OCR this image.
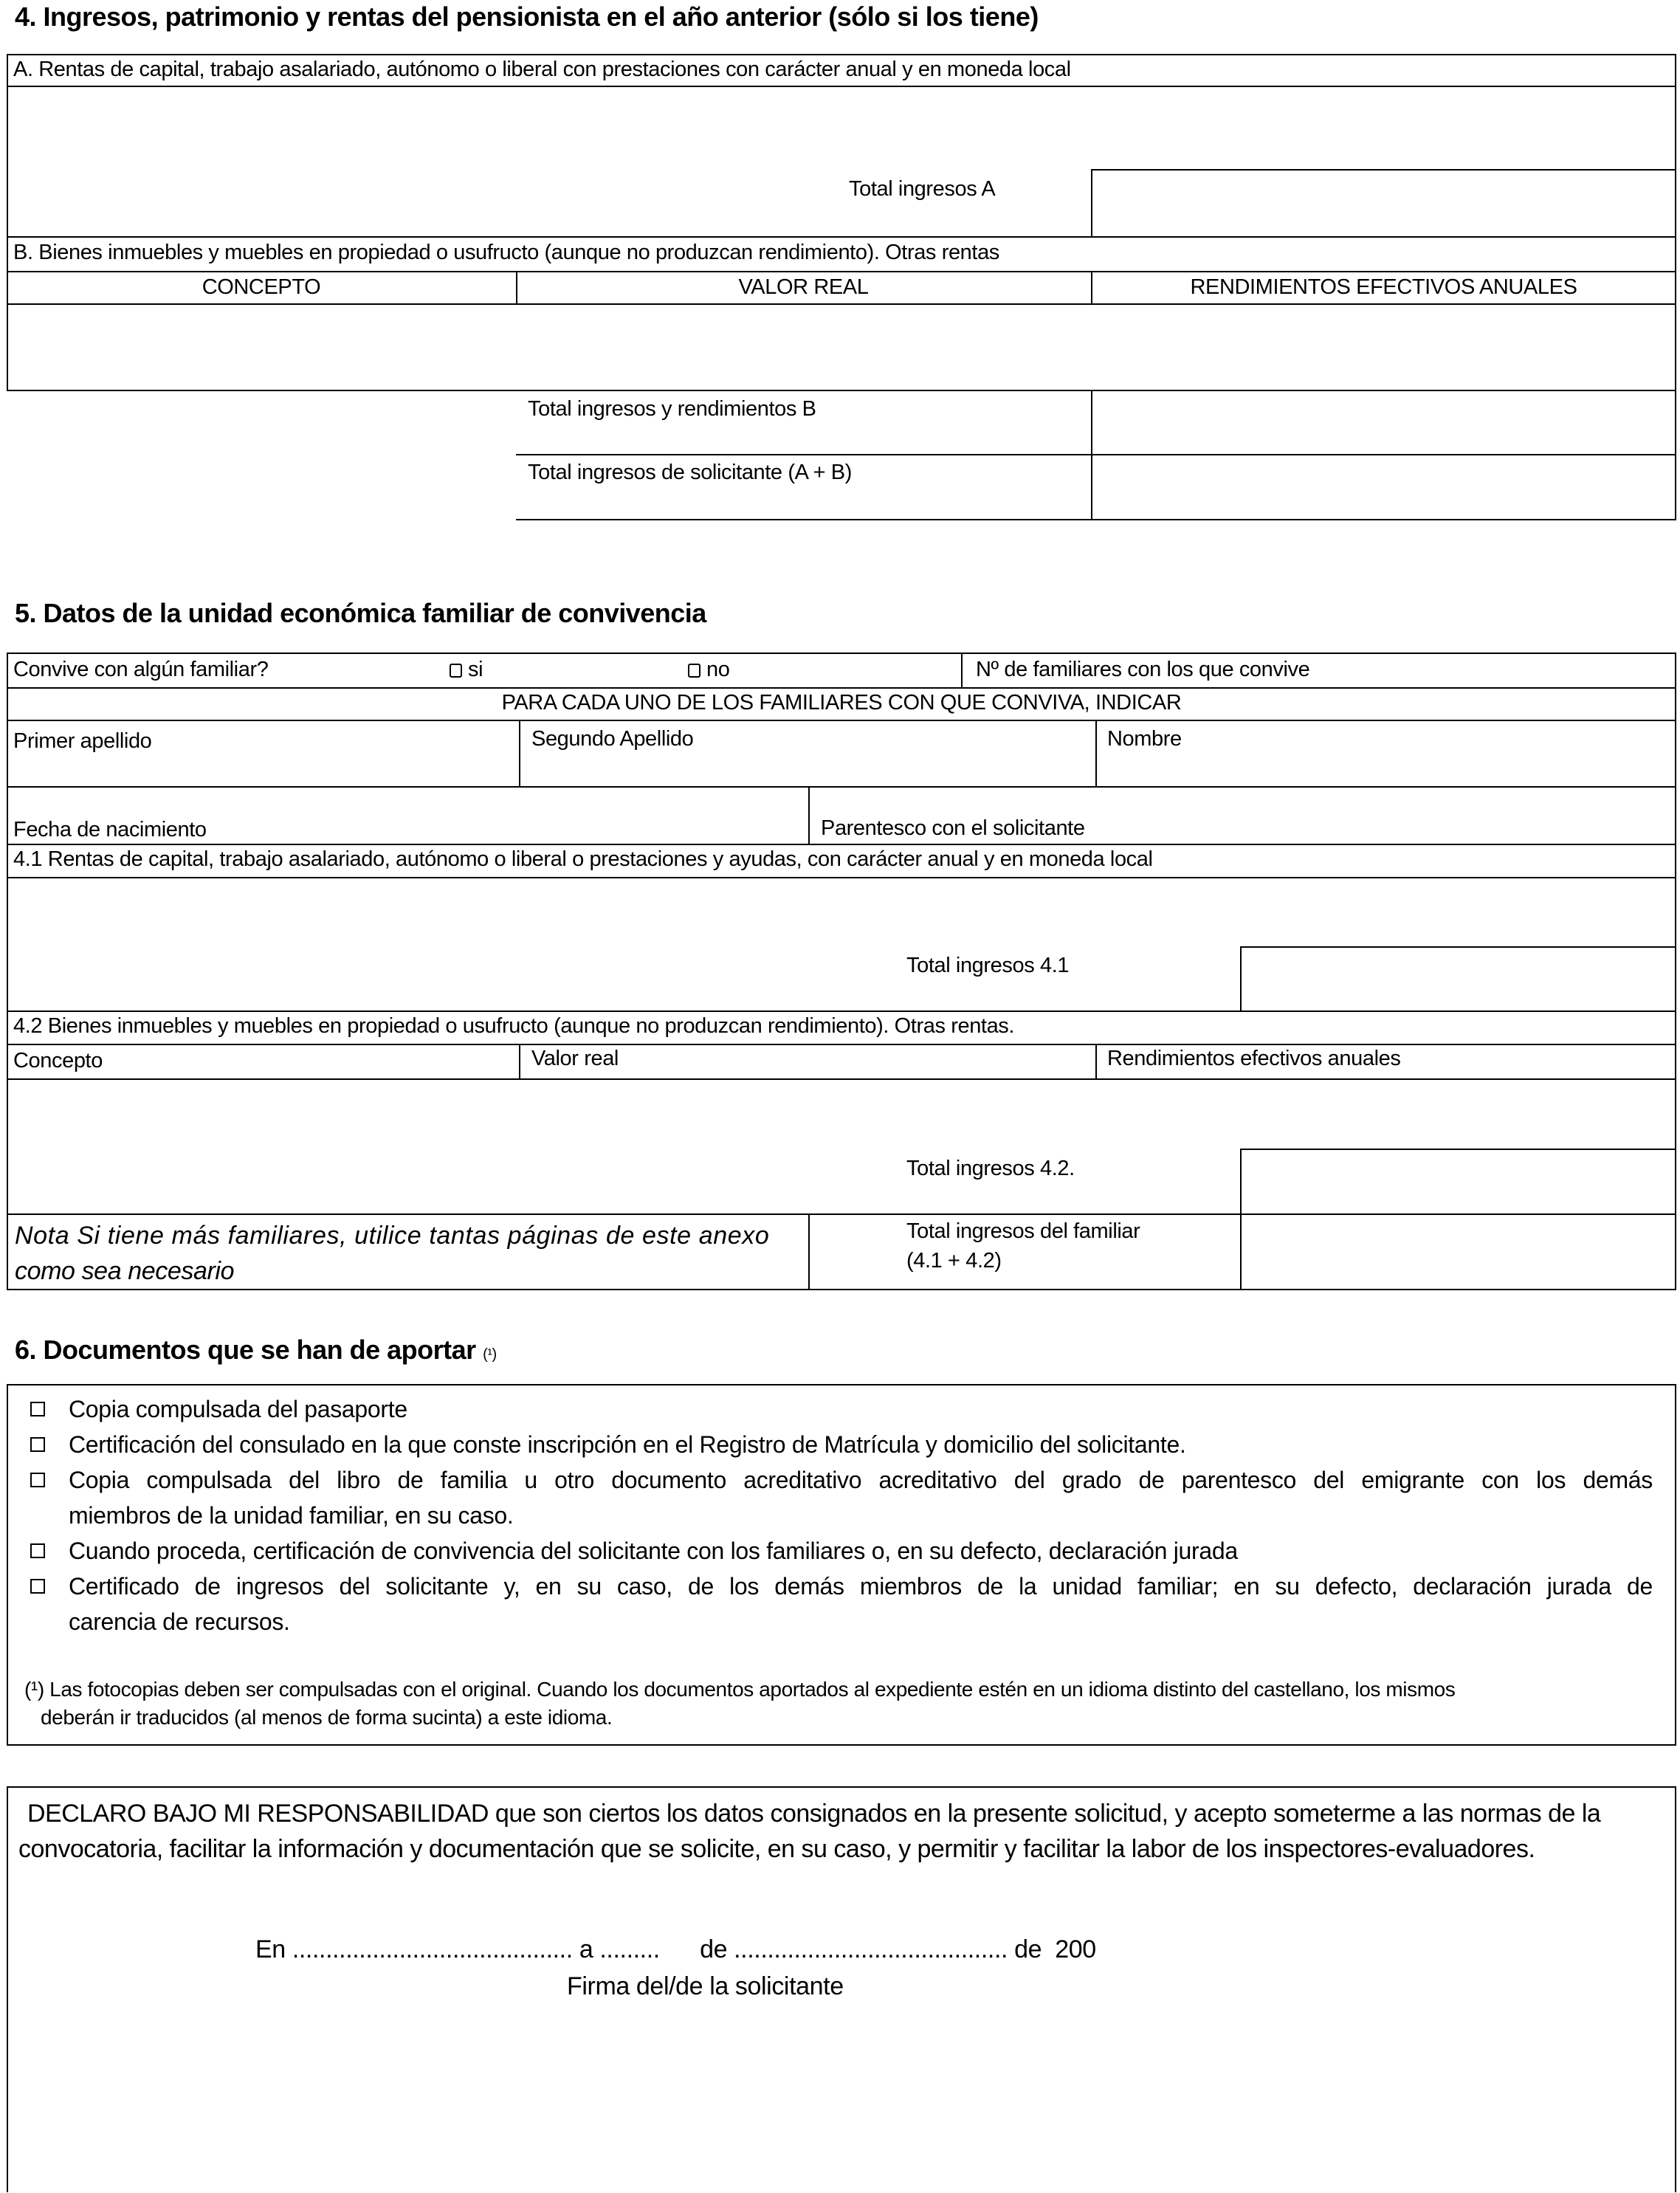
4. Ingresos, patrimonio y rentas del pensionista en el año anterior (sólo si los tiene)
A. Rentas de capital, trabajo asalariado, autónomo o liberal con prestaciones con carácter anual y en moneda local
Total ingresos A
B. Bienes inmuebles y muebles en propiedad o usufructo (aunque no produzcan rendimiento). Otras rentas
CONCEPTO	VALOR REAL	RENDIMIENTOS EFECTIVOS ANUALES
Total ingresos y rendimientos B
Total ingresos de solicitante (A + B)
5. Datos de la unidad económica familiar de convivencia
Convive con algún familiar?	si	no	Nº de familiares con los que convive
PARA CADA UNO DE LOS FAMILIARES CON QUE CONVIVA, INDICAR
Primer apellido	Segundo Apellido	Nombre
Fecha de nacimiento	Parentesco con el solicitante
4.1 Rentas de capital, trabajo asalariado, autónomo o liberal o prestaciones y ayudas, con carácter anual y en moneda local
Total ingresos 4.1
4.2 Bienes inmuebles y muebles en propiedad o usufructo (aunque no produzcan rendimiento). Otras rentas.
Concepto	Valor real	Rendimientos efectivos anuales
Total ingresos 4.2.
Nota Si tiene más familiares, utilice tantas páginas de este anexo
como sea necesario
Total ingresos del familiar
(4.1 + 4.2)
6. Documentos que se han de aportar (¹)
Copia compulsada del pasaporte
Certificación del consulado en la que conste inscripción en el Registro de Matrícula y domicilio del solicitante.
Copia compulsada del libro de familia u otro documento acreditativo acreditativo del grado de parentesco del emigrante con los demás
miembros de la unidad familiar, en su caso.
Cuando proceda, certificación de convivencia del solicitante con los familiares o, en su defecto, declaración jurada
Certificado de ingresos del solicitante y, en su caso, de los demás miembros de la unidad familiar; en su defecto, declaración jurada de
carencia de recursos.
(¹) Las fotocopias deben ser compulsadas con el original. Cuando los documentos aportados al expediente estén en un idioma distinto del castellano, los mismos
deberán ir traducidos (al menos de forma sucinta) a este idioma.
DECLARO BAJO MI RESPONSABILIDAD que son ciertos los datos consignados en la presente solicitud, y acepto someterme a las normas de la
convocatoria, facilitar la información y documentación que se solicite, en su caso, y permitir y facilitar la labor de los inspectores-evaluadores.
En .......................................... a .........      de ......................................... de  200
Firma del/de la solicitante
